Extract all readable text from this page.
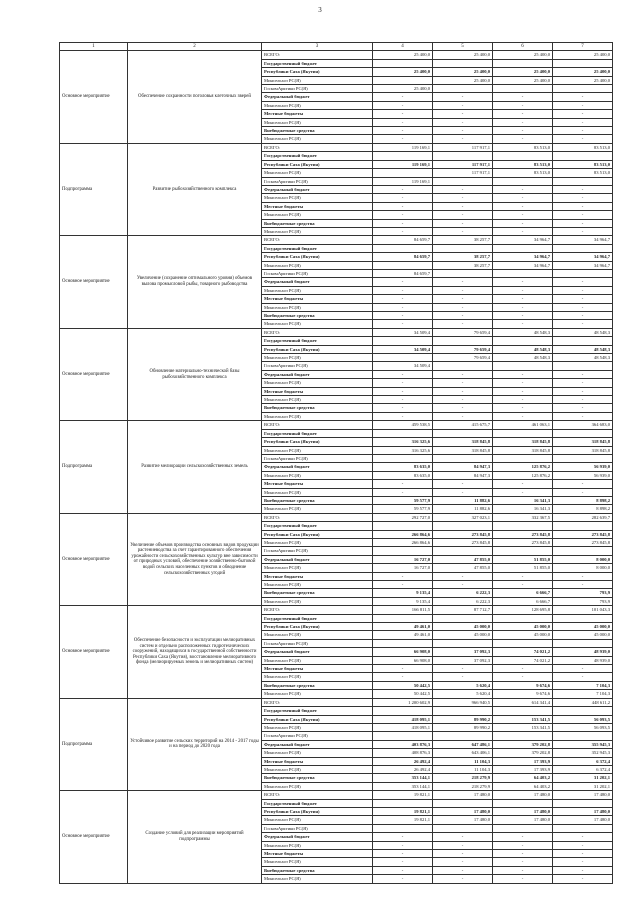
3
1	2	3	4	5	6	7
Основное мероприятие	Обеспечение сохранности поголовья клеточных зверей	ВСЕГО:	25 400,0	25 400,0	25 400,0	25 400,0
		Государственный бюджет				
		Республики Саха (Якутия)	25 400,0	25 400,0	25 400,0	25 400,0
		Минсельхоз РС(Я)		25 400,0	25 400,0	25 400,0
		ГоскомАрктики РС(Я)	25 400,0			
		Федеральный бюджет	-	-	-	-
		Минсельхоз РС(Я)	-	-	-	-
		Местные бюджеты	-	-	-	-
		Минсельхоз РС(Я)	-	-	-	-
		Внебюджетные средства	-	-	-	-
		Минсельхоз РС(Я)	-	-	-	-
Подпрограмма	Развитие рыбохозяйственного комплекса	ВСЕГО:	119 169,1	117 917,1	83 513,0	83 513,0
		Государственный бюджет				
		Республики Саха (Якутия)	119 169,1	117 917,1	83 513,0	83 513,0
		Минсельхоз РС(Я)		117 917,1	83 513,0	83 513,0
		ГоскомАрктики РС(Я)	119 169,1			
		Федеральный бюджет	-	-	-	-
		Минсельхоз РС(Я)	-	-	-	-
		Местные бюджеты	-	-	-	-
		Минсельхоз РС(Я)	-	-	-	-
		Внебюджетные средства	-	-	-	-
		Минсельхоз РС(Я)	-	-	-	-
Основное мероприятие	Увеличение (сохранение оптимального уровня) объемов вылова промысловой рыбы, товарного рыбоводства	ВСЕГО:	84 659,7	38 257,7	34 964,7	34 964,7
		Государственный бюджет				
		Республики Саха (Якутия)	84 659,7	38 257,7	34 964,7	34 964,7
		Минсельхоз РС(Я)		38 257,7	34 964,7	34 964,7
		ГоскомАрктики РС(Я)	84 659,7			
		Федеральный бюджет	-	-	-	-
		Минсельхоз РС(Я)	-	-	-	-
		Местные бюджеты	-	-	-	-
		Минсельхоз РС(Я)	-	-	-	-
		Внебюджетные средства	-	-	-	-
		Минсельхоз РС(Я)	-	-	-	-
Основное мероприятие	Обновление материально-технической базы рыбохозяйственного комплекса	ВСЕГО:	34 509,4	79 659,4	48 548,3	48 548,3
		Государственный бюджет				
		Республики Саха (Якутия)	34 509,4	79 659,4	48 548,3	48 548,3
		Минсельхоз РС(Я)		79 659,4	48 548,3	48 548,3
		ГоскомАрктики РС(Я)	34 509,4			
		Федеральный бюджет	-	-	-	-
		Минсельхоз РС(Я)	-	-	-	-
		Местные бюджеты	-	-	-	-
		Минсельхоз РС(Я)	-	-	-	-
		Внебюджетные средства	-	-	-	-
		Минсельхоз РС(Я)	-	-	-	-
Подпрограмма	Развитие мелиорации сельскохозяйственных земель	ВСЕГО:	459 538,5	415 675,7	461 063,1	364 683,0
		Государственный бюджет				
		Республики Саха (Якутия)	316 325,6	318 845,8	318 845,8	318 845,8
		Минсельхоз РС(Я)	316 325,6	318 845,8	318 845,8	318 845,8
		ГоскомАрктики РС(Я)				
		Федеральный бюджет	83 635,0	84 947,3	125 876,2	56 939,0
		Минсельхоз РС(Я)	83 635,0	84 947,3	125 876,2	56 939,0
		Местные бюджеты	-	-	-	-
		Минсельхоз РС(Я)	-	-	-	-
		Внебюджетные средства	59 577,9	11 882,6	16 341,3	8 898,2
		Минсельхоз РС(Я)	59 577,9	11 882,6	16 341,3	8 898,2
Основное мероприятие	Увеличение объемов производства основных видов продукции растениеводства за счет гарантированного обеспечения урожайности сельскохозяйственных культур вне зависимости от природных условий, обеспечение хозяйственно-бытовой водой сельских населенных пунктов и обводнение сельскохозяйственных угодий	ВСЕГО:	292 727,0	327 023,1	332 367,5	282 639,7
		Государственный бюджет				
		Республики Саха (Якутия)	266 864,6	273 845,8	273 845,8	273 845,8
		Минсельхоз РС(Я)	266 864,6	273 845,8	273 845,8	273 845,8
		ГоскомАрктики РС(Я)				
		Федеральный бюджет	16 727,0	47 855,0	51 855,0	8 000,0
		Минсельхоз РС(Я)	16 727,0	47 855,0	51 855,0	8 000,0
		Местные бюджеты	-	-	-	-
		Минсельхоз РС(Я)	-	-	-	-
		Внебюджетные средства	9 135,4	6 222,3	6 666,7	793,9
		Минсельхоз РС(Я)	9 135,4	6 222,3	6 666,7	793,9
Основное мероприятие	Обеспечение безопасности и эксплуатации мелиоративных систем и отдельно расположенных гидротехнических сооружений, находящихся в государственной собственности Республики Саха (Якутия), восстановление мелиоративного фонда (мелиорируемых земель и мелиоративных систем)	ВСЕГО:	166 811,5	87 712,7	128 695,8	101 043,3
		Государственный бюджет				
		Республики Саха (Якутия)	49 461,0	45 000,0	45 000,0	45 000,0
		Минсельхоз РС(Я)	49 461,0	45 000,0	45 000,0	45 000,0
		ГоскомАрктики РС(Я)				
		Федеральный бюджет	66 908,0	37 092,3	74 021,2	48 939,0
		Минсельхоз РС(Я)	66 908,0	37 092,3	74 021,2	48 939,0
		Местные бюджеты	-	-	-	-
		Минсельхоз РС(Я)	-	-	-	-
		Внебюджетные средства	50 442,5	5 620,4	9 674,6	7 104,3
		Минсельхоз РС(Я)	50 442,5	5 620,4	9 674,6	7 104,3
Подпрограмма	Устойчивое развитие сельских территорий на 2014 - 2017 годы и на период до 2020 года	ВСЕГО:	1 200 602,9	966 940,5	614 341,4	448 611,2
		Государственный бюджет				
		Республики Саха (Якутия)	418 095,1	89 990,2	153 341,5	56 093,5
		Минсельхоз РС(Я)	418 095,1	89 990,2	153 341,5	56 093,5
		ГоскомАрктики РС(Я)				
		Федеральный бюджет	403 876,3	647 486,1	379 202,8	355 945,3
		Минсельхоз РС(Я)	408 876,3	643 406,1	379 202,8	352 945,3
		Местные бюджеты	26 492,4	11 104,3	17 393,9	6 372,4
		Минсельхоз РС(Я)	26 492,4	11 104,3	17 393,9	6 372,4
		Внебюджетные средства	353 144,1	218 279,9	64 403,2	31 202,1
		Минсельхоз РС(Я)	353 144,1	218 279,9	64 403,2	31 202,1
Основное мероприятие	Создание условий для реализации мероприятий подпрограммы	ВСЕГО:	19 821,1	17 480,0	17 480,0	17 480,0
		Государственный бюджет				
		Республики Саха (Якутия)	19 821,1	17 480,0	17 480,0	17 480,0
		Минсельхоз РС(Я)	19 821,1	17 480,0	17 480,0	17 480,0
		ГоскомАрктики РС(Я)				
		Федеральный бюджет	-	-	-	-
		Минсельхоз РС(Я)	-	-	-	-
		Местные бюджеты	-	-	-	-
		Минсельхоз РС(Я)	-	-	-	-
		Внебюджетные средства	-	-	-	-
		Минсельхоз РС(Я)	-	-	-	-
